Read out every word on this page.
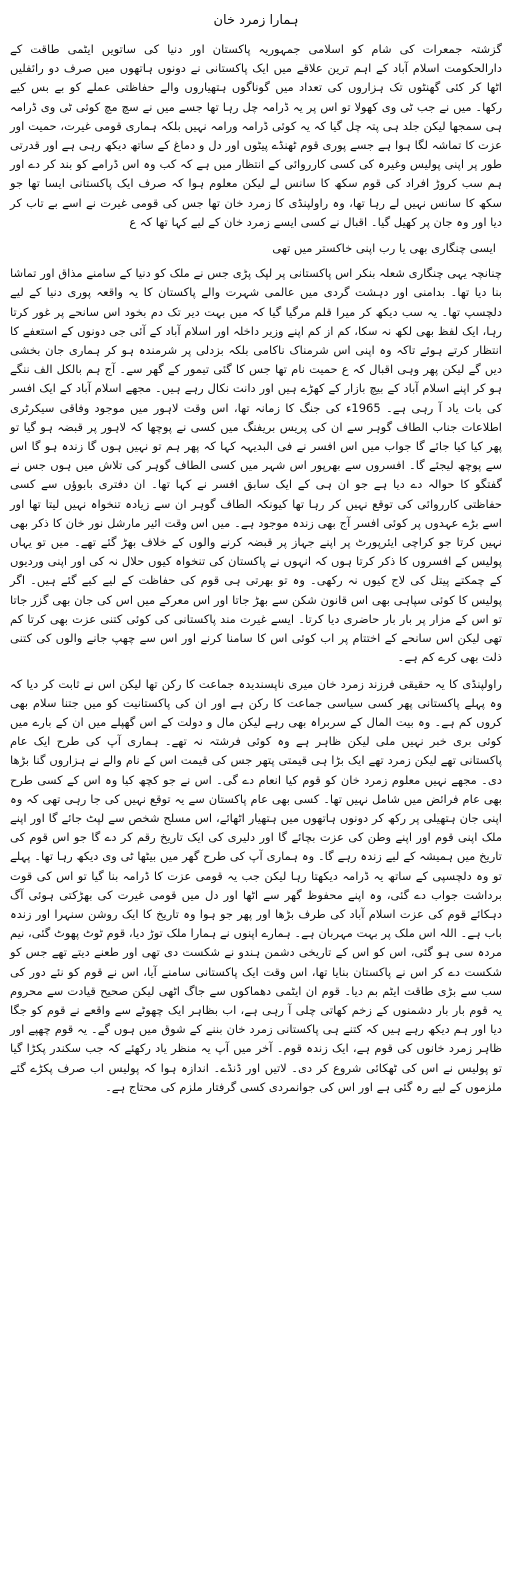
ہمارا زمرد خان

گزشتہ جمعرات کی شام کو اسلامی جمہوریہ پاکستان اور دنیا کی ساتویں ایٹمی طاقت کے دارالحکومت اسلام آباد کے اہم ترین علاقے میں ایک پاکستانی نے دونوں ہاتھوں میں صرف دو رائفلیں اٹھا کر کئی گھنٹوں تک ہزاروں کی تعداد میں گوناگوں ہتھیاروں والے حفاظتی عملے کو بے بس کیے رکھا۔ میں نے جب ٹی وی کھولا تو اس پر یہ ڈرامہ چل رہا تھا جسے میں نے سچ مچ کوئی ٹی وی ڈرامہ ہی سمجھا لیکن جلد ہی پتہ چل گیا کہ یہ کوئی ڈرامہ ورامہ نہیں بلکہ ہماری قومی غیرت، حمیت اور عزت کا تماشہ لگا ہوا ہے جسے پوری قوم ٹھنڈے پیٹوں اور دل و دماغ کے ساتھ دیکھ رہی ہے اور قدرتی طور پر اپنی پولیس وغیرہ کی کسی کارروائی کے انتظار میں ہے کہ کب وہ اس ڈرامے کو بند کر دے اور ہم سب کروڑ افراد کی قوم سکھ کا سانس لے لیکن معلوم ہوا کہ صرف ایک پاکستانی ایسا تھا جو سکھ کا سانس نہیں لے رہا تھا، وہ راولپنڈی کا زمرد خان تھا جس کی قومی غیرت نے اسے بے تاب کر دیا اور وہ جان پر کھیل گیا۔ اقبال نے کسی ایسے زمرد خان کے لیے کہا تھا کہ ع

ایسی چنگاری بھی یا رب اپنی خاکستر میں تھی

چنانچہ یہی چنگاری شعلہ بنکر اس پاکستانی پر لپک پڑی جس نے ملک کو دنیا کے سامنے مذاق اور تماشا بنا دیا تھا۔ بدامنی اور دہشت گردی میں عالمی شہرت والے پاکستان کا یہ واقعہ پوری دنیا کے لیے دلچسپ تھا۔ یہ سب دیکھ کر میرا قلم مرگیا گیا کہ میں بہت دیر تک دم بخود اس سانحے پر غور کرتا رہا، ایک لفظ بھی لکھ نہ سکا، کم از کم اپنے وزیر داخلہ اور اسلام آباد کے آئی جی دونوں کے استعفے کا انتظار کرتے ہوئے تاکہ وہ اپنی اس شرمناک ناکامی بلکہ بزدلی پر شرمندہ ہو کر ہماری جان بخشی دیں گے لیکن پھر وہی اقبال کہ ع حمیت نام تھا جس کا گئی تیمور کے گھر سے۔ آج ہم بالکل الف ننگے ہو کر اپنے اسلام آباد کے بیچ بازار کے کھڑے ہیں اور دانت نکال رہے ہیں۔ مجھے اسلام آباد کے ایک افسر کی بات یاد آ رہی ہے۔ 1965ء کی جنگ کا زمانہ تھا، اس وقت لاہور میں موجود وفاقی سیکرٹری اطلاعات جناب الطاف گوہر سے ان کی پریس بریفنگ میں کسی نے پوچھا کہ لاہور پر قبضہ ہو گیا تو پھر کیا کیا جائے گا جواب میں اس افسر نے فی البدیہہ کہا کہ پھر ہم تو نہیں ہوں گا زندہ ہو گا اس سے پوچھ لیجئے گا۔ افسروں سے بھرپور اس شہر میں کسی الطاف گوہر کی تلاش میں ہوں جس نے گفتگو کا حوالہ دے دیا ہے جو ان ہی کے ایک سابق افسر نے کہا تھا۔ ان دفتری بابوؤں سے کسی حفاظتی کارروائی کی توقع نہیں کر رہا تھا کیونکہ الطاف گوہر ان سے زیادہ تنخواہ نہیں لیتا تھا اور اسے بڑے عہدوں پر کوئی افسر آج بھی زندہ موجود ہے۔ میں اس وقت ائیر مارشل نور خان کا ذکر بھی نہیں کرتا جو کراچی ایئرپورٹ پر اپنے جہاز پر قبضہ کرنے والوں کے خلاف بھڑ گئے تھے۔ میں تو یہاں پولیس کے افسروں کا ذکر کرتا ہوں کہ انہوں نے پاکستان کی تنخواہ کیوں حلال نہ کی اور اپنی وردیوں کے چمکتے پیتل کی لاج کیوں نہ رکھی۔ وہ تو بھرتی ہی قوم کی حفاظت کے لیے کیے گئے ہیں۔ اگر پولیس کا کوئی سپاہی بھی اس قانون شکن سے بھڑ جاتا اور اس معرکے میں اس کی جان بھی گزر جاتا تو اس کے مزار پر بار بار حاضری دیا کرتا۔ ایسے غیرت مند پاکستانی کی کوئی کتنی عزت بھی کرتا کم تھی لیکن اس سانحے کے اختتام پر اب کوئی اس کا سامنا کرنے اور اس سے چھپ جانے والوں کی کتنی ذلت بھی کرے کم ہے۔

راولپنڈی کا یہ حقیقی فرزند زمرد خان میری ناپسندیدہ جماعت کا رکن تھا لیکن اس نے ثابت کر دیا کہ وہ پہلے پاکستانی پھر کسی سیاسی جماعت کا رکن ہے اور ان کی پاکستانیت کو میں جتنا سلام بھی کروں کم ہے۔ وہ بیت المال کے سربراہ بھی رہے لیکن مال و دولت کے اس گھپلے میں ان کے بارے میں کوئی بری خبر نہیں ملی لیکن ظاہر ہے وہ کوئی فرشتہ نہ تھے۔ ہماری آپ کی طرح ایک عام پاکستانی تھے لیکن زمرد تھے ایک بڑا ہی قیمتی پتھر جس کی قیمت اس کے نام والے نے ہزاروں گنا بڑھا دی۔ مجھے نہیں معلوم زمرد خان کو قوم کیا انعام دے گی۔ اس نے جو کچھ کیا وہ اس کے کسی طرح بھی عام فرائض میں شامل نہیں تھا۔ کسی بھی عام پاکستان سے یہ توقع نہیں کی جا رہی تھی کہ وہ اپنی جان ہتھیلی پر رکھ کر دونوں ہاتھوں میں ہتھیار اٹھائے، اس مسلح شخص سے لپٹ جائے گا اور اپنے ملک اپنی قوم اور اپنے وطن کی عزت بچائے گا اور دلیری کی ایک تاریخ رقم کر دے گا جو اس قوم کی تاریخ میں ہمیشہ کے لیے زندہ رہے گا۔ وہ ہماری آپ کی طرح گھر میں بیٹھا ٹی وی دیکھ رہا تھا۔ پہلے تو وہ دلچسپی کے ساتھ یہ ڈرامہ دیکھتا رہا لیکن جب یہ قومی عزت کا ڈرامہ بنا گیا تو اس کی قوت برداشت جواب دے گئی، وہ اپنے محفوظ گھر سے اٹھا اور دل میں قومی غیرت کی بھڑکتی ہوئی آگ دہکائے قوم کی عزت اسلام آباد کی طرف بڑھا اور پھر جو ہوا وہ تاریخ کا ایک روشن سنہرا اور زندہ باب ہے۔ اللہ اس ملک پر بہت مہربان ہے۔ ہمارے اپنوں نے ہمارا ملک توڑ دیا، قوم ٹوٹ پھوٹ گئی، نیم مردہ سی ہو گئی، اس کو اس کے تاریخی دشمن ہندو نے شکست دی تھی اور طعنے دیتے تھے جس کو شکست دے کر اس نے پاکستان بنایا تھا، اس وقت ایک پاکستانی سامنے آیا، اس نے قوم کو نئے دور کی سب سے بڑی طاقت ایٹم بم دیا۔ قوم ان ایٹمی دھماکوں سے جاگ اٹھی لیکن صحیح قیادت سے محروم یہ قوم بار بار دشمنوں کے زخم کھاتی چلی آ رہی ہے، اب بظاہر ایک چھوٹے سے واقعے نے قوم کو جگا دیا اور ہم دیکھ رہے ہیں کہ کتنے ہی پاکستانی زمرد خان بننے کے شوق میں ہوں گے۔ یہ قوم چھپے اور ظاہر زمرد خانوں کی قوم ہے، ایک زندہ قوم۔ آخر میں آپ یہ منظر یاد رکھئے کہ جب سکندر پکڑا گیا تو پولیس نے اس کی ٹھکائی شروع کر دی۔ لاتیں اور ڈنڈے۔ اندازہ ہوا کہ پولیس اب صرف پکڑے گئے ملزموں کے لیے رہ گئی ہے اور اس کی جوانمردی کسی گرفتار ملزم کی محتاج ہے۔
